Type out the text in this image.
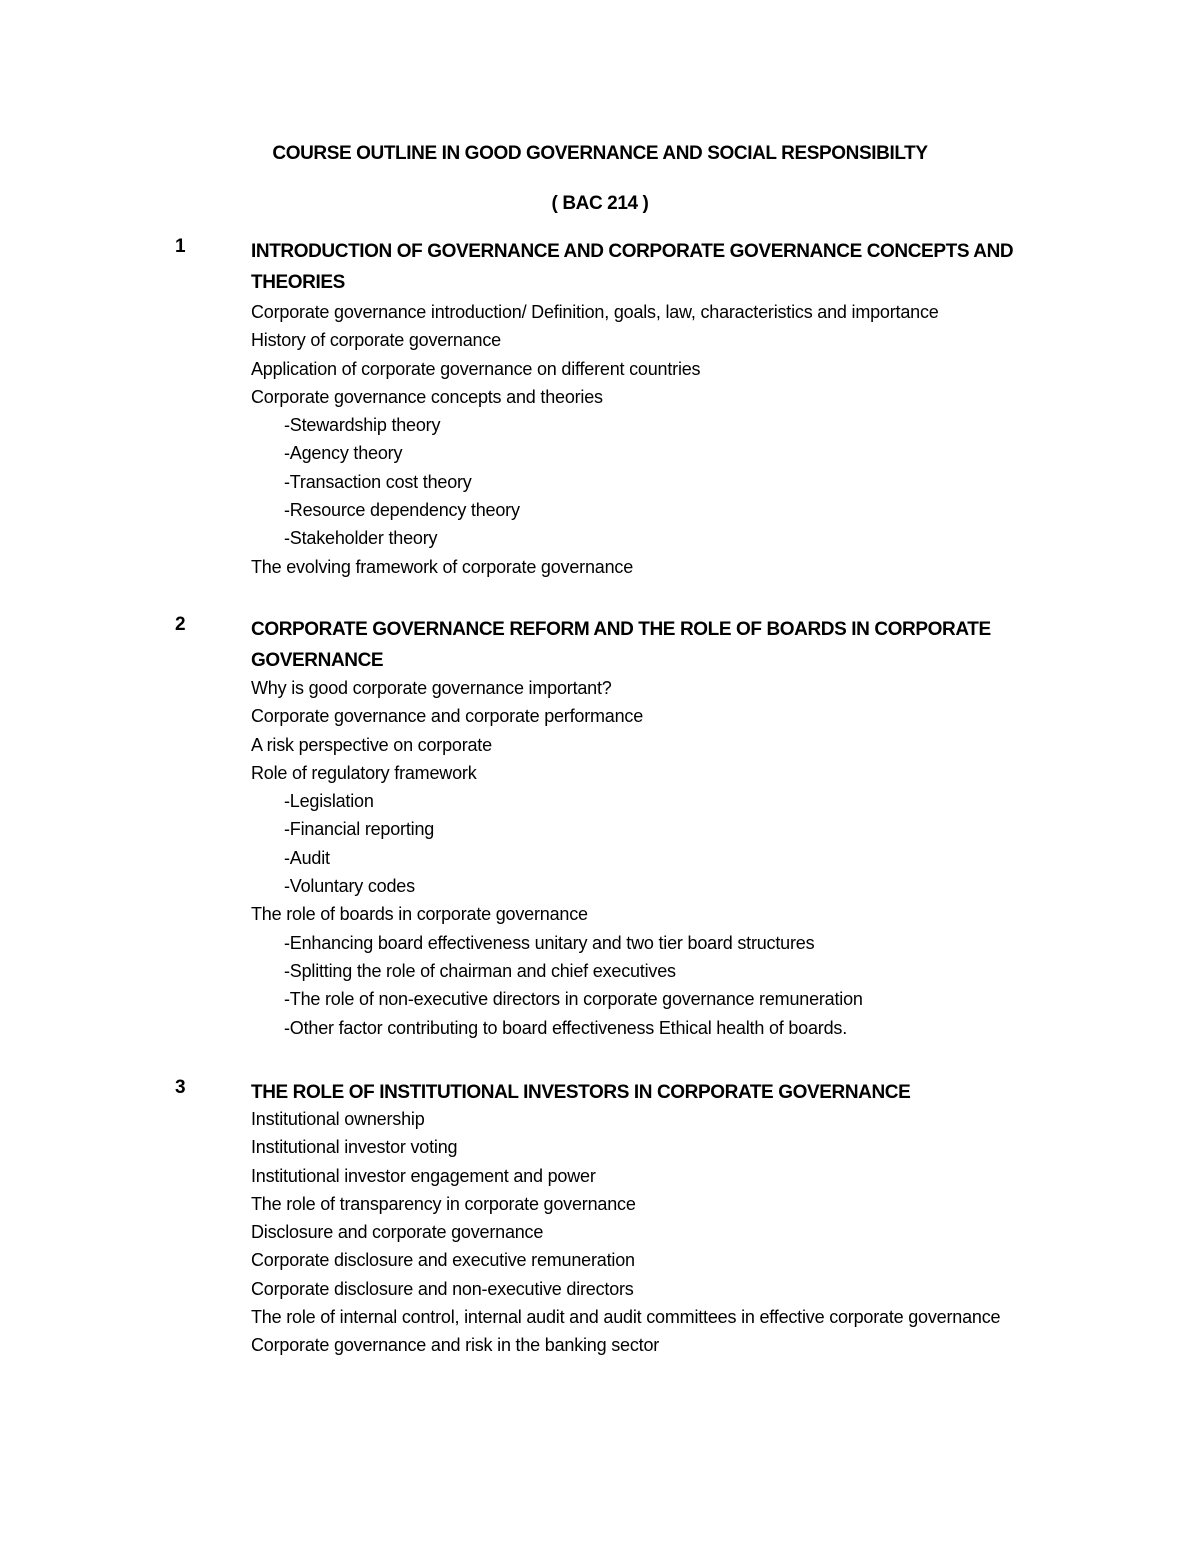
COURSE OUTLINE IN GOOD GOVERNANCE AND SOCIAL RESPONSIBILTY
( BAC 214 )
1	INTRODUCTION OF GOVERNANCE AND CORPORATE GOVERNANCE CONCEPTS AND THEORIES
Corporate governance introduction/ Definition, goals, law, characteristics and importance
History of corporate governance
Application of corporate governance on different countries
Corporate governance concepts and theories
-Stewardship theory
-Agency theory
-Transaction cost theory
-Resource dependency theory
-Stakeholder theory
The evolving framework of corporate governance
2	CORPORATE GOVERNANCE REFORM AND THE ROLE OF BOARDS IN CORPORATE GOVERNANCE
Why is good corporate governance important?
Corporate governance and corporate performance
A risk perspective on corporate
Role of regulatory framework
-Legislation
-Financial reporting
-Audit
-Voluntary codes
The role of boards in corporate governance
-Enhancing board effectiveness unitary and two tier board structures
-Splitting the role of chairman and chief executives
-The role of non-executive directors in corporate governance remuneration
-Other factor contributing to board effectiveness Ethical health of boards.
3	THE ROLE OF INSTITUTIONAL INVESTORS IN CORPORATE GOVERNANCE
Institutional ownership
Institutional investor voting
Institutional investor engagement and power
The role of transparency in corporate governance
Disclosure and corporate governance
Corporate disclosure and executive remuneration
Corporate disclosure and non-executive directors
The role of internal control, internal audit and audit committees in effective corporate governance
Corporate governance and risk in the banking sector
